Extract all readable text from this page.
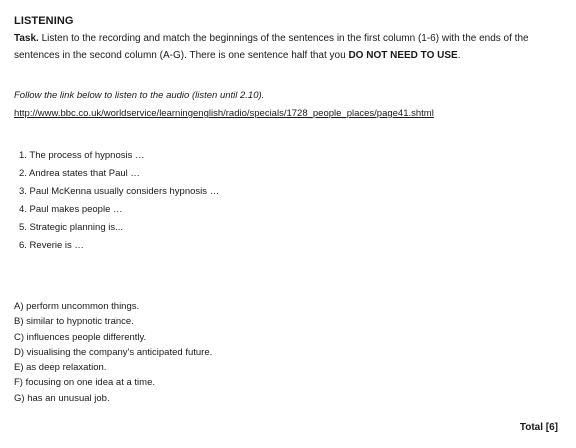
LISTENING
Task. Listen to the recording and match the beginnings of the sentences in the first column (1-6) with the ends of the sentences in the second column (A-G). There is one sentence half that you DO NOT NEED TO USE.
Follow the link below to listen to the audio (listen until 2.10).
http://www.bbc.co.uk/worldservice/learningenglish/radio/specials/1728_people_places/page41.shtml
1. The process of hypnosis …
2. Andrea states that Paul …
3. Paul McKenna usually considers hypnosis …
4. Paul makes people …
5. Strategic planning is...
6. Reverie is …
A) perform uncommon things.
B) similar to hypnotic trance.
C) influences people differently.
D) visualising the company's anticipated future.
E) as deep relaxation.
F) focusing on one idea at a time.
G) has an unusual job.
Total [6]
